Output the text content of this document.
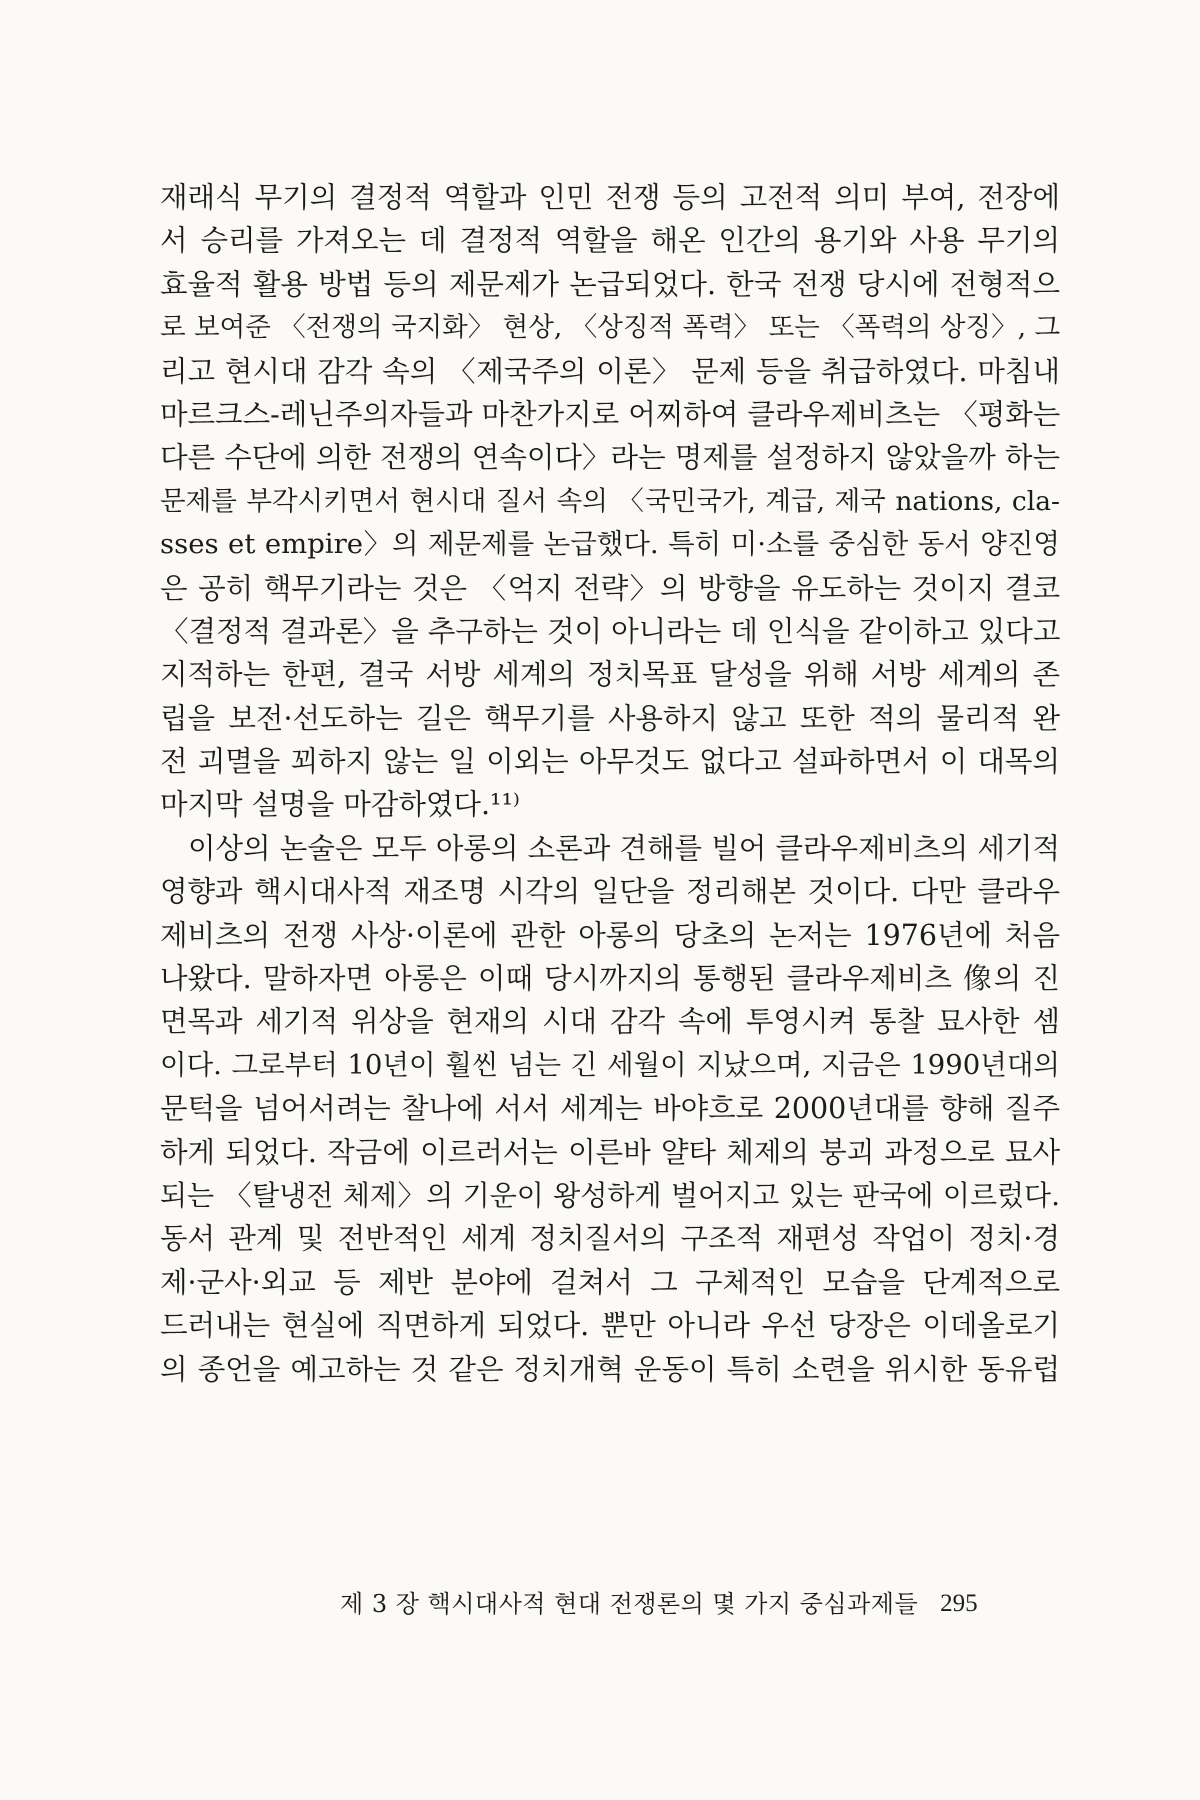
재래식 무기의 결정적 역할과 인민 전쟁 등의 고전적 의미 부여, 전장에
서 승리를 가져오는 데 결정적 역할을 해온 인간의 용기와 사용 무기의
효율적 활용 방법 등의 제문제가 논급되었다. 한국 전쟁 당시에 전형적으
로 보여준 〈전쟁의 국지화〉 현상, 〈상징적 폭력〉 또는 〈폭력의 상징〉, 그
리고 현시대 감각 속의 〈제국주의 이론〉 문제 등을 취급하였다. 마침내
마르크스-레닌주의자들과 마찬가지로 어찌하여 클라우제비츠는 〈평화는
다른 수단에 의한 전쟁의 연속이다〉라는 명제를 설정하지 않았을까 하는
문제를 부각시키면서 현시대 질서 속의 〈국민국가, 계급, 제국 nations, cla-
sses et empire〉의 제문제를 논급했다. 특히 미·소를 중심한 동서 양진영
은 공히 핵무기라는 것은 〈억지 전략〉의 방향을 유도하는 것이지 결코
〈결정적 결과론〉을 추구하는 것이 아니라는 데 인식을 같이하고 있다고
지적하는 한편, 결국 서방 세계의 정치목표 달성을 위해 서방 세계의 존
립을 보전·선도하는 길은 핵무기를 사용하지 않고 또한 적의 물리적 완
전 괴멸을 꾀하지 않는 일 이외는 아무것도 없다고 설파하면서 이 대목의
마지막 설명을 마감하였다.¹¹⁾
이상의 논술은 모두 아롱의 소론과 견해를 빌어 클라우제비츠의 세기적
영향과 핵시대사적 재조명 시각의 일단을 정리해본 것이다. 다만 클라우
제비츠의 전쟁 사상·이론에 관한 아롱의 당초의 논저는 1976년에 처음
나왔다. 말하자면 아롱은 이때 당시까지의 통행된 클라우제비츠 像의 진
면목과 세기적 위상을 현재의 시대 감각 속에 투영시켜 통찰 묘사한 셈
이다. 그로부터 10년이 훨씬 넘는 긴 세월이 지났으며, 지금은 1990년대의
문턱을 넘어서려는 찰나에 서서 세계는 바야흐로 2000년대를 향해 질주
하게 되었다. 작금에 이르러서는 이른바 얄타 체제의 붕괴 과정으로 묘사
되는 〈탈냉전 체제〉의 기운이 왕성하게 벌어지고 있는 판국에 이르렀다.
동서 관계 및 전반적인 세계 정치질서의 구조적 재편성 작업이 정치·경
제·군사·외교 등 제반 분야에 걸쳐서 그 구체적인 모습을 단계적으로
드러내는 현실에 직면하게 되었다. 뿐만 아니라 우선 당장은 이데올로기
의 종언을 예고하는 것 같은 정치개혁 운동이 특히 소련을 위시한 동유럽
제 3 장 핵시대사적 현대 전쟁론의 몇 가지 중심과제들 295
